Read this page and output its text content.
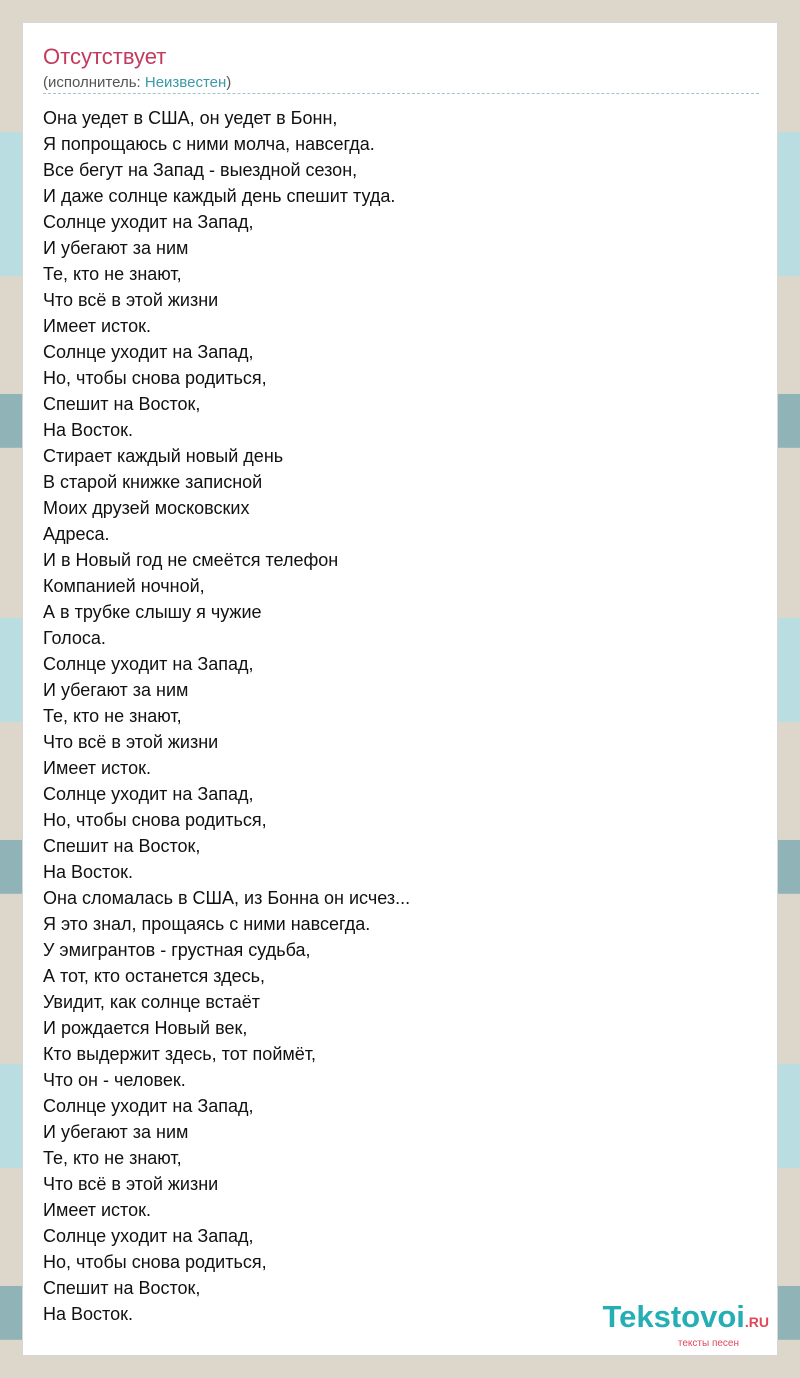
Отсутствует
(исполнитель: Неизвестен)
Она уедет в США, он уедет в Бонн,
Я попрощаюсь с ними молча, навсегда.
Все бегут на Запад - выездной сезон,
И даже солнце каждый день спешит туда.
Солнце уходит на Запад,
И убегают за ним
Те, кто не знают,
Что всё в этой жизни
Имеет исток.
Солнце уходит на Запад,
Но, чтобы снова родиться,
Спешит на Восток,
На Восток.
Стирает каждый новый день
В старой книжке записной
Моих друзей московских
Адреса.
И в Новый год не смеётся телефон
Компанией ночной,
А в трубке слышу я чужие
Голоса.
Солнце уходит на Запад,
И убегают за ним
Те, кто не знают,
Что всё в этой жизни
Имеет исток.
Солнце уходит на Запад,
Но, чтобы снова родиться,
Спешит на Восток,
На Восток.
Она сломалась в США, из Бонна он исчез...
Я это знал, прощаясь с ними навсегда.
У эмигрантов - грустная судьба,
А тот, кто останется здесь,
Увидит, как солнце встаёт
И рождается Новый век,
Кто выдержит здесь, тот поймёт,
Что он - человек.
Солнце уходит на Запад,
И убегают за ним
Те, кто не знают,
Что всё в этой жизни
Имеет исток.
Солнце уходит на Запад,
Но, чтобы снова родиться,
Спешит на Восток,
На Восток.	Tekstovoi.RU
тексты песен
